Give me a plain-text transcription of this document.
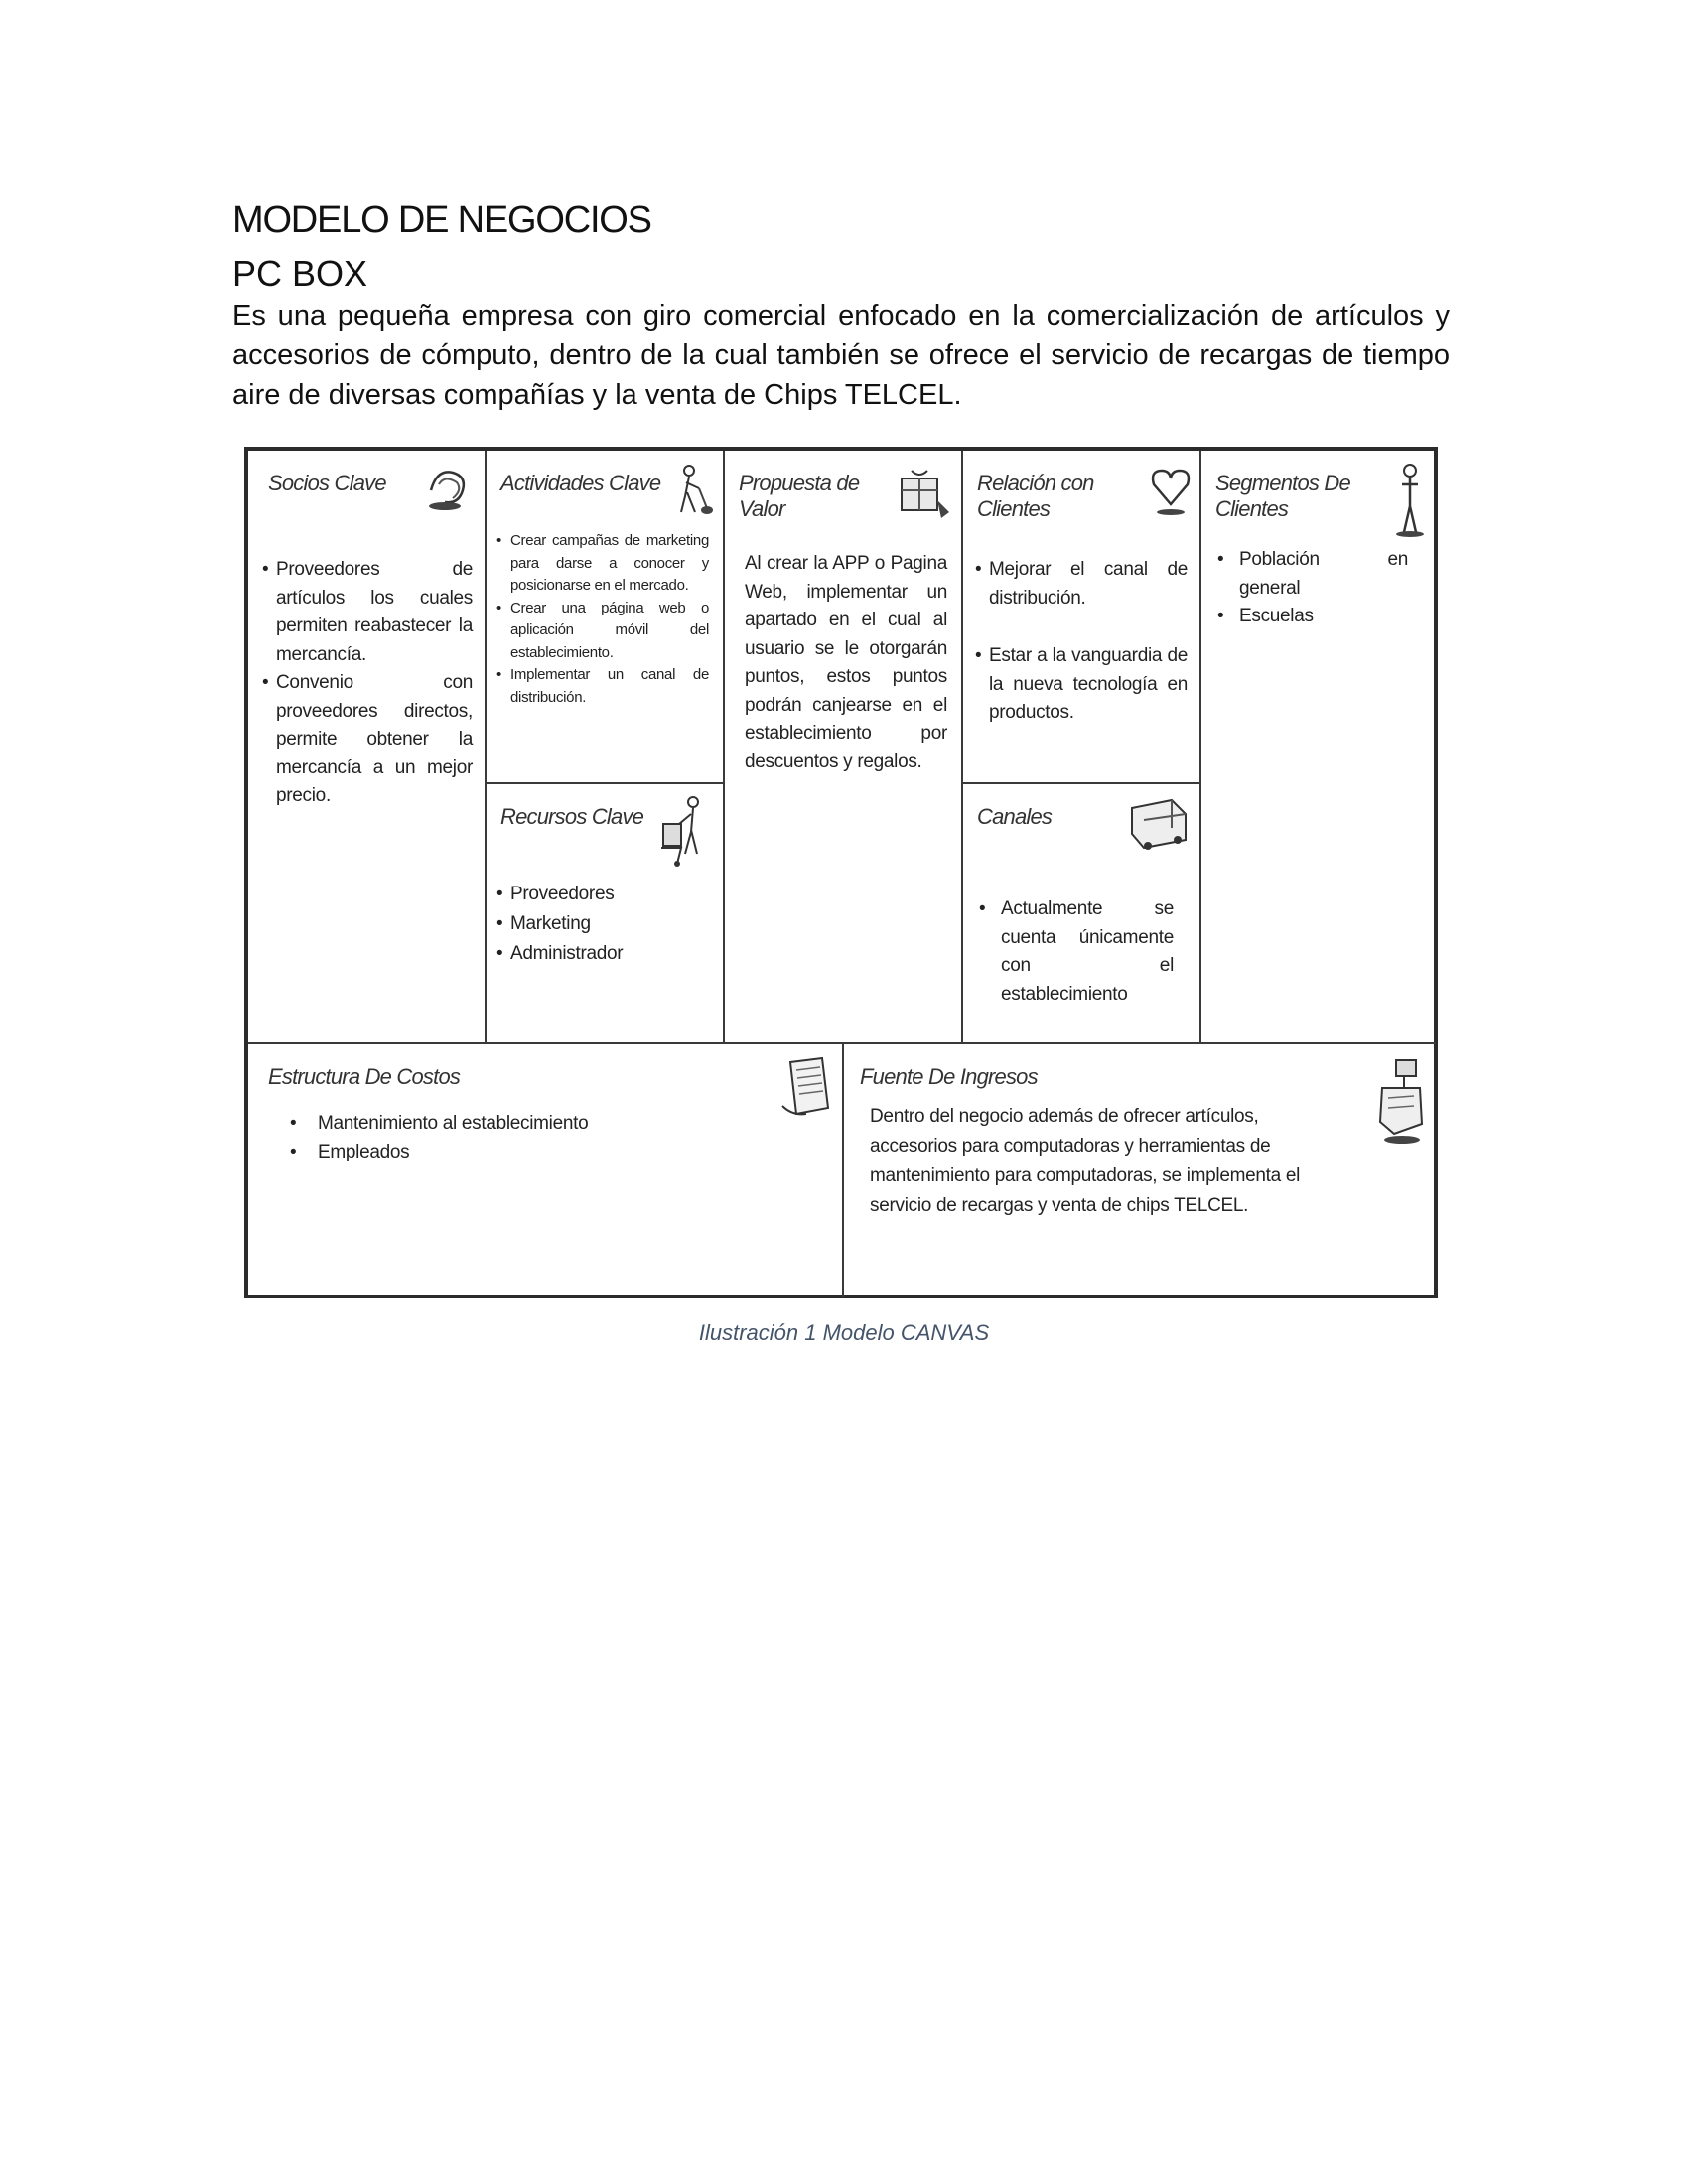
MODELO DE NEGOCIOS
PC BOX

Es una pequeña empresa con giro comercial enfocado en la comercialización de artículos y accesorios de cómputo, dentro de la cual también se ofrece el servicio de recargas de tiempo aire de diversas compañías y la venta de Chips TELCEL.

Socios Clave
• Proveedores de artículos los cuales permiten reabastecer la mercancía.
• Convenio con proveedores directos, permite obtener la mercancía a un mejor precio.
Actividades Clave
• Crear campañas de marketing para darse a conocer y posicionarse en el mercado.
• Crear una página web o aplicación móvil del establecimiento.
• Implementar un canal de distribución.
Recursos Clave
• Proveedores
• Marketing
• Administrador
Propuesta de
Valor
Al crear la APP o Pagina Web, implementar un apartado en el cual al usuario se le otorgarán puntos, estos puntos podrán canjearse en el establecimiento por descuentos y regalos.
Relación con
Clientes
• Mejorar el canal de distribución.
• Estar a la vanguardia de la nueva tecnología en productos.
Canales
• Actualmente se cuenta únicamente con el establecimiento
Segmentos De
Clientes
• Población en general
• Escuelas
Estructura De Costos
• Mantenimiento al establecimiento
• Empleados
Fuente De Ingresos
Dentro del negocio además de ofrecer artículos, accesorios para computadoras y herramientas de mantenimiento para computadoras, se implementa el servicio de recargas y venta de chips TELCEL.
Ilustración 1 Modelo CANVAS
